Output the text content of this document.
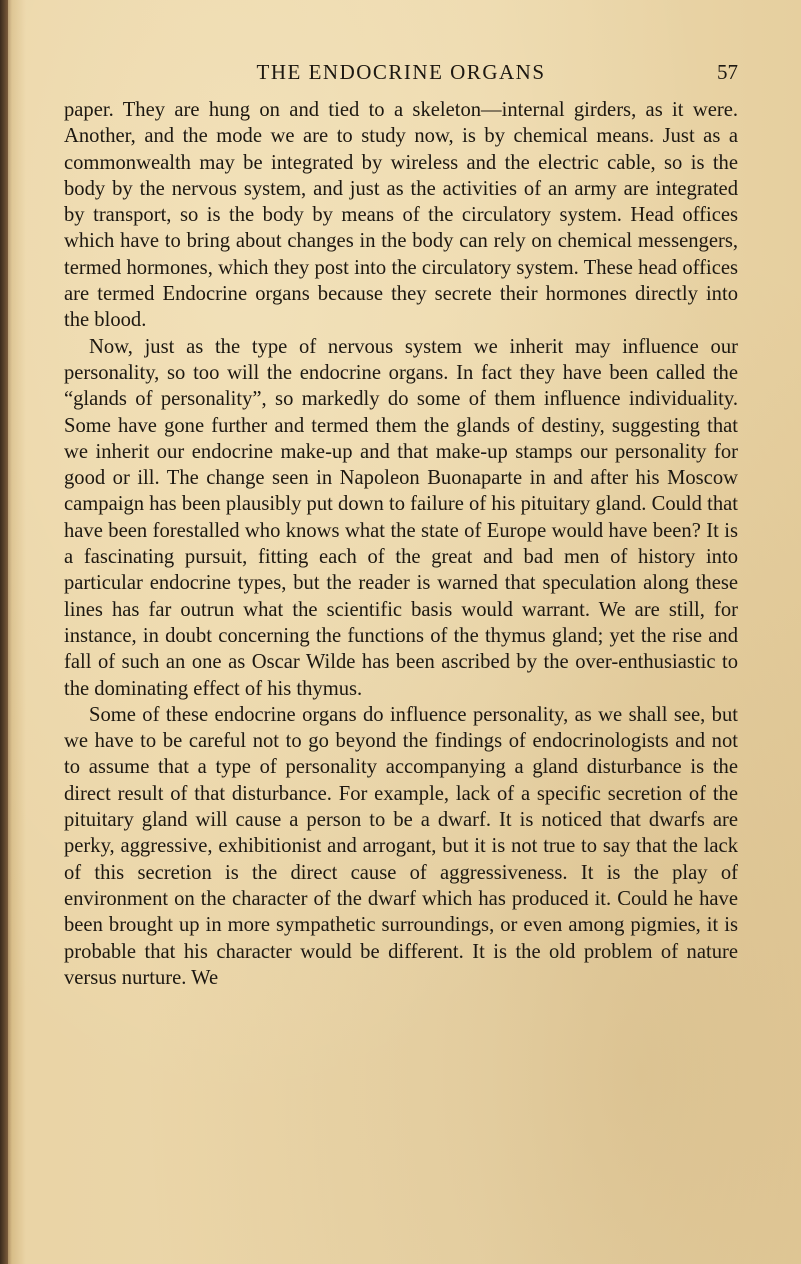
THE ENDOCRINE ORGANS	57

paper. They are hung on and tied to a skeleton—internal girders, as it were. Another, and the mode we are to study now, is by chemical means. Just as a commonwealth may be integrated by wireless and the electric cable, so is the body by the nervous system, and just as the activities of an army are integrated by transport, so is the body by means of the circulatory system. Head offices which have to bring about changes in the body can rely on chemical messengers, termed hormones, which they post into the circulatory system. These head offices are termed Endocrine organs because they secrete their hormones directly into the blood.

Now, just as the type of nervous system we inherit may influence our personality, so too will the endocrine organs. In fact they have been called the “glands of personality”, so markedly do some of them influence individuality. Some have gone further and termed them the glands of destiny, suggesting that we inherit our endocrine make-up and that make-up stamps our personality for good or ill. The change seen in Napoleon Buonaparte in and after his Moscow campaign has been plausibly put down to failure of his pituitary gland. Could that have been forestalled who knows what the state of Europe would have been? It is a fascinating pursuit, fitting each of the great and bad men of history into particular endocrine types, but the reader is warned that speculation along these lines has far outrun what the scientific basis would warrant. We are still, for instance, in doubt concerning the functions of the thymus gland; yet the rise and fall of such an one as Oscar Wilde has been ascribed by the over-enthusiastic to the dominating effect of his thymus.

Some of these endocrine organs do influence personality, as we shall see, but we have to be careful not to go beyond the findings of endocrinologists and not to assume that a type of personality accompanying a gland disturbance is the direct result of that disturbance. For example, lack of a specific secretion of the pituitary gland will cause a person to be a dwarf. It is noticed that dwarfs are perky, aggressive, exhibitionist and arrogant, but it is not true to say that the lack of this secretion is the direct cause of aggressiveness. It is the play of environment on the character of the dwarf which has produced it. Could he have been brought up in more sympathetic surroundings, or even among pigmies, it is probable that his character would be different. It is the old problem of nature versus nurture. We
